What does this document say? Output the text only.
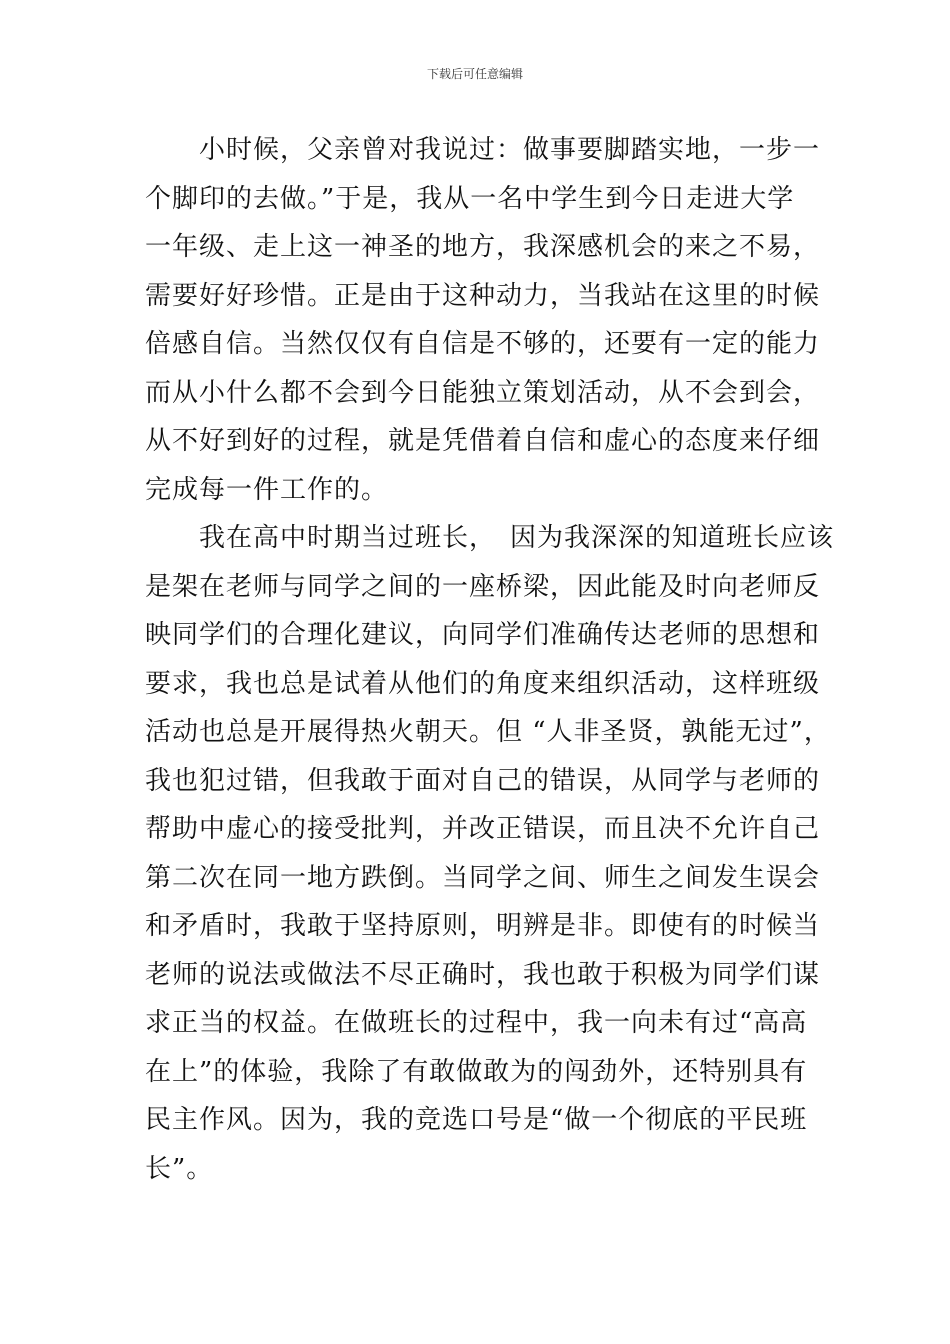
下载后可任意编辑
小时候，父亲曾对我说过：做事要脚踏实地，一步一
个脚印的去做。”于是，我从一名中学生到今日走进大学
一年级、走上这一神圣的地方，我深感机会的来之不易，
需要好好珍惜。正是由于这种动力，当我站在这里的时候
倍感自信。当然仅仅有自信是不够的，还要有一定的能力
而从小什么都不会到今日能独立策划活动，从不会到会，
从不好到好的过程，就是凭借着自信和虚心的态度来仔细
完成每一件工作的。
我在高中时期当过班长，　因为我深深的知道班长应该
是架在老师与同学之间的一座桥梁，因此能及时向老师反
映同学们的合理化建议，向同学们准确传达老师的思想和
要求，我也总是试着从他们的角度来组织活动，这样班级
活动也总是开展得热火朝天。但 “人非圣贤，孰能无过”，
我也犯过错，但我敢于面对自己的错误，从同学与老师的
帮助中虚心的接受批判，并改正错误，而且决不允许自己
第二次在同一地方跌倒。当同学之间、师生之间发生误会
和矛盾时，我敢于坚持原则，明辨是非。即使有的时候当
老师的说法或做法不尽正确时，我也敢于积极为同学们谋
求正当的权益。在做班长的过程中，我一向未有过“高高
在上”的体验，我除了有敢做敢为的闯劲外，还特别具有
民主作风。因为，我的竞选口号是“做一个彻底的平民班
长”。
